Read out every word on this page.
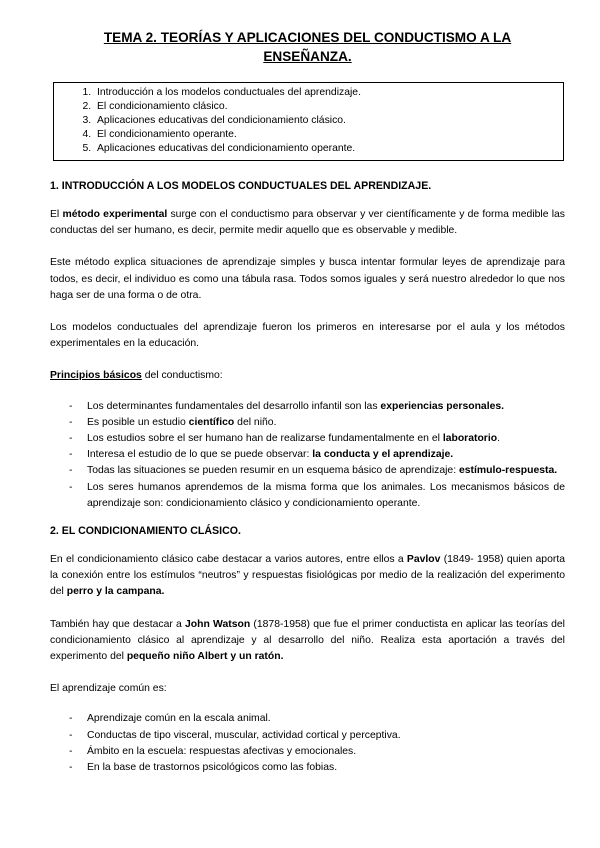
TEMA 2. TEORÍAS Y APLICACIONES DEL CONDUCTISMO A LA
ENSEÑANZA.
1. Introducción a los modelos conductuales del aprendizaje.
2. El condicionamiento clásico.
3. Aplicaciones educativas del condicionamiento clásico.
4. El condicionamiento operante.
5. Aplicaciones educativas del condicionamiento operante.

1. INTRODUCCIÓN A LOS MODELOS CONDUCTUALES DEL APRENDIZAJE.

El método experimental surge con el conductismo para observar y ver científicamente y de forma medible las conductas del ser humano, es decir, permite medir aquello que es observable y medible.

Este método explica situaciones de aprendizaje simples y busca intentar formular leyes de aprendizaje para todos, es decir, el individuo es como una tábula rasa. Todos somos iguales y será nuestro alrededor lo que nos haga ser de una forma o de otra.

Los modelos conductuales del aprendizaje fueron los primeros en interesarse por el aula y los métodos experimentales en la educación.

Principios básicos del conductismo:

- Los determinantes fundamentales del desarrollo infantil son las experiencias personales.
- Es posible un estudio científico del niño.
- Los estudios sobre el ser humano han de realizarse fundamentalmente en el laboratorio.
- Interesa el estudio de lo que se puede observar: la conducta y el aprendizaje.
- Todas las situaciones se pueden resumir en un esquema básico de aprendizaje: estímulo-respuesta.
- Los seres humanos aprendemos de la misma forma que los animales. Los mecanismos básicos de aprendizaje son: condicionamiento clásico y condicionamiento operante.

2. EL CONDICIONAMIENTO CLÁSICO.

En el condicionamiento clásico cabe destacar a varios autores, entre ellos a Pavlov (1849- 1958) quien aporta la conexión entre los estímulos “neutros” y respuestas fisiológicas por medio de la realización del experimento del perro y la campana.

También hay que destacar a John Watson (1878-1958) que fue el primer conductista en aplicar las teorías del condicionamiento clásico al aprendizaje y al desarrollo del niño. Realiza esta aportación a través del experimento del pequeño niño Albert y un ratón.

El aprendizaje común es:

- Aprendizaje común en la escala animal.
- Conductas de tipo visceral, muscular, actividad cortical y perceptiva.
- Ámbito en la escuela: respuestas afectivas y emocionales.
- En la base de trastornos psicológicos como las fobias.
